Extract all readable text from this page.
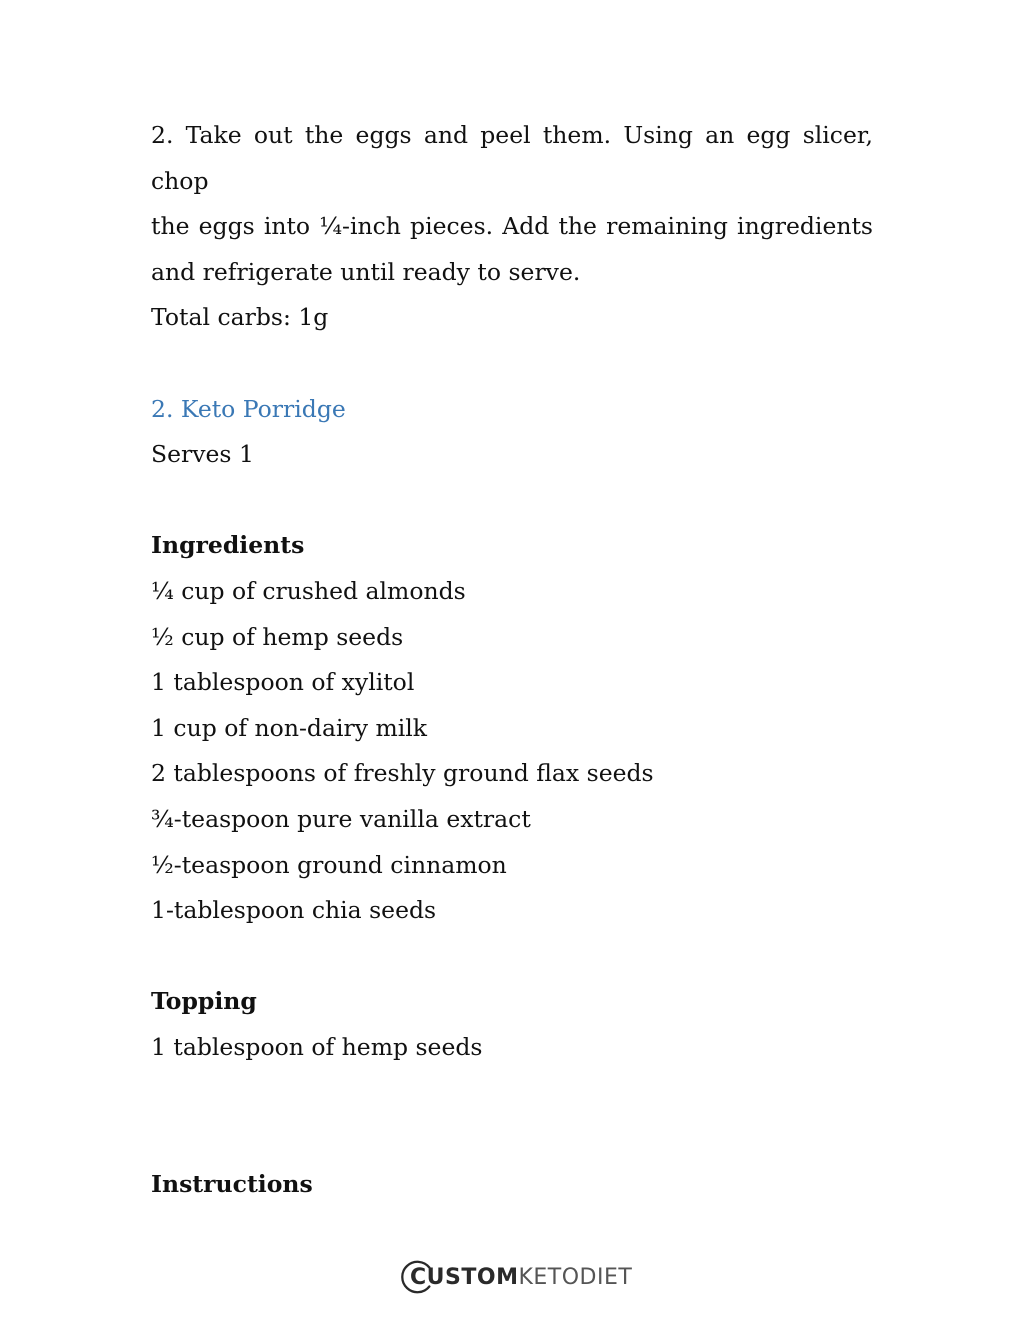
2. Take out the eggs and peel them. Using an egg slicer, chop

the eggs into ¼-inch pieces. Add the remaining ingredients

and refrigerate until ready to serve.

Total carbs: 1g

2. Keto Porridge

Serves 1

Ingredients

¼ cup of crushed almonds

½ cup of hemp seeds

1 tablespoon of xylitol

1 cup of non-dairy milk

2 tablespoons of freshly ground flax seeds

¾-teaspoon pure vanilla extract

½-teaspoon ground cinnamon

1-tablespoon chia seeds

Topping

1 tablespoon of hemp seeds

Instructions

CUSTOMKETODIET
